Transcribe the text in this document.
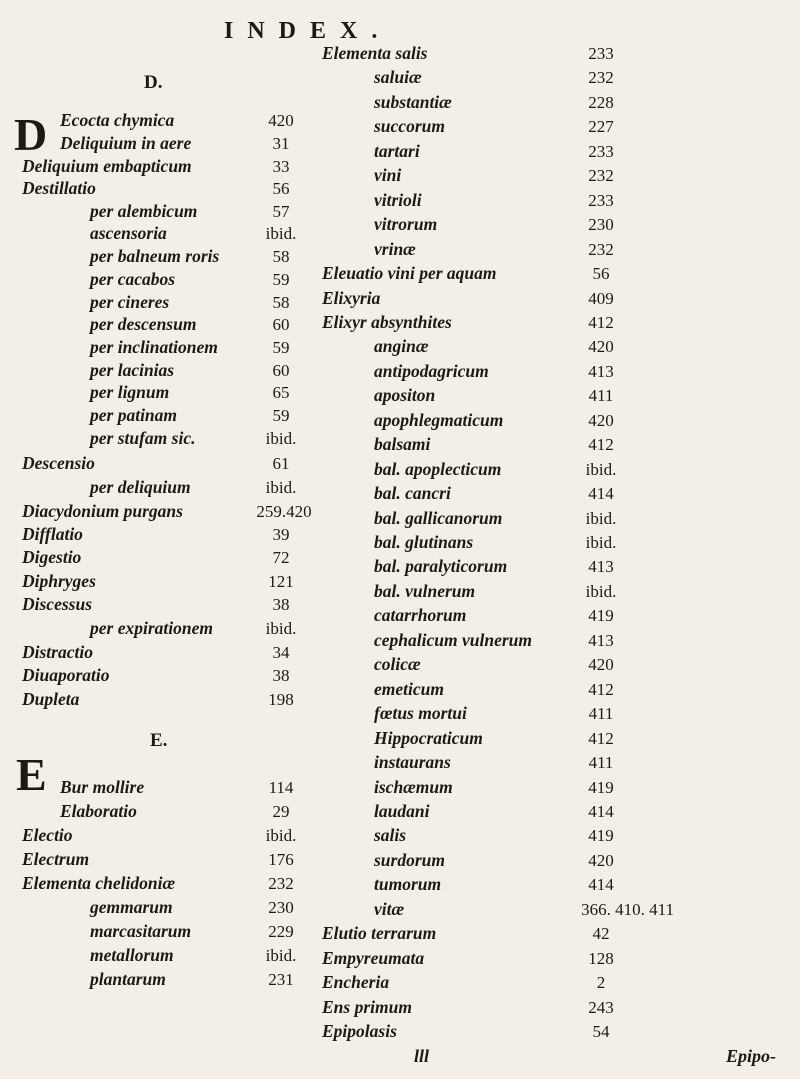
INDEX.
D.
D Ecocta chymica	420
Deliquium in aere	31
Deliquium embapticum	33
Destillatio	56
per alembicum	57
ascensoria	ibid.
per balneum roris	58
per cacabos	59
per cineres	58
per descensum	60
per inclinationem	59
per lacinias	60
per lignum	65
per patinam	59
per stufam sic.	ibid.
Descensio	61
per deliquium	ibid.
Diacydonium purgans	259.420
Difflatio	39
Digestio	72
Diphryges	121
Discessus	38
per expirationem	ibid.
Distractio	34
Diuaporatio	38
Dupleta	198
E.
E Bur mollire	114
Elaboratio	29
Electio	ibid.
Electrum	176
Elementa chelidoniæ	232
gemmarum	230
marcasitarum	229
metallorum	ibid.
plantarum	231
Elementa salis	233
saluiæ	232
substantiæ	228
succorum	227
tartari	233
vini	232
vitrioli	233
vitrorum	230
vrinæ	232
Eleuatio vini per aquam	56
Elixyria	409
Elixyr absynthites	412
anginæ	420
antipodagricum	413
apositon	411
apophlegmaticum	420
balsami	412
bal. apoplecticum	ibid.
bal. cancri	414
bal. gallicanorum	ibid.
bal. glutinans	ibid.
bal. paralyticorum	413
bal. vulnerum	ibid.
catarrhorum	419
cephalicum vulnerum	413
colicæ	420
emeticum	412
fœtus mortui	411
Hippocraticum	412
instaurans	411
ischæmum	419
laudani	414
salis	419
surdorum	420
tumorum	414
vitæ	366. 410. 411
Elutio terrarum	42
Empyreumata	128
Encheria	2
Ens primum	243
Epipolasis	54
lll	Epipo-
